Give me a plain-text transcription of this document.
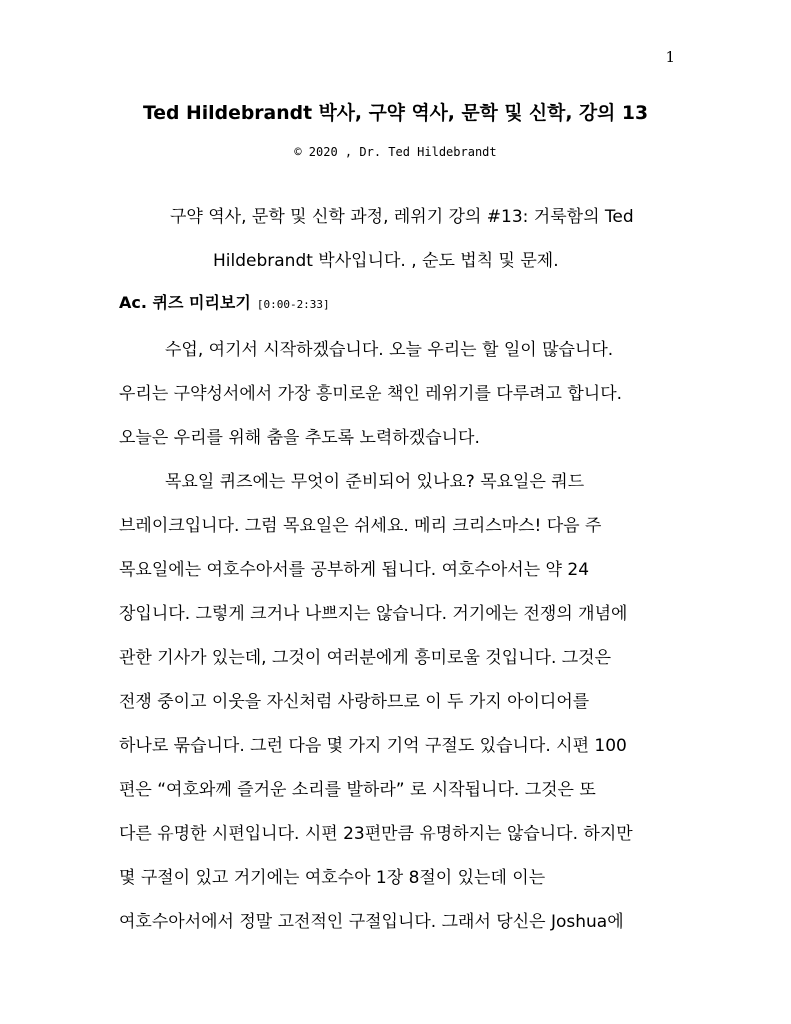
1
Ted Hildebrandt 박사, 구약 역사, 문학 및 신학, 강의 13
© 2020 , Dr. Ted Hildebrandt
구약 역사, 문학 및 신학 과정, 레위기 강의 #13: 거룩함의 Ted
Hildebrandt 박사입니다. , 순도 법칙 및 문제.
Ac. 퀴즈 미리보기 [0:00-2:33]
수업, 여기서 시작하겠습니다. 오늘 우리는 할 일이 많습니다.
우리는 구약성서에서 가장 흥미로운 책인 레위기를 다루려고 합니다.
오늘은 우리를 위해 춤을 추도록 노력하겠습니다.
목요일 퀴즈에는 무엇이 준비되어 있나요? 목요일은 쿼드
브레이크입니다. 그럼 목요일은 쉬세요. 메리 크리스마스! 다음 주
목요일에는 여호수아서를 공부하게 됩니다. 여호수아서는 약 24
장입니다. 그렇게 크거나 나쁘지는 않습니다. 거기에는 전쟁의 개념에
관한 기사가 있는데, 그것이 여러분에게 흥미로울 것입니다. 그것은
전쟁 중이고 이웃을 자신처럼 사랑하므로 이 두 가지 아이디어를
하나로 묶습니다. 그런 다음 몇 가지 기억 구절도 있습니다. 시편 100
편은 “여호와께 즐거운 소리를 발하라” 로 시작됩니다. 그것은 또
다른 유명한 시편입니다. 시편 23편만큼 유명하지는 않습니다. 하지만
몇 구절이 있고 거기에는 여호수아 1장 8절이 있는데 이는
여호수아서에서 정말 고전적인 구절입니다. 그래서 당신은 Joshua에
